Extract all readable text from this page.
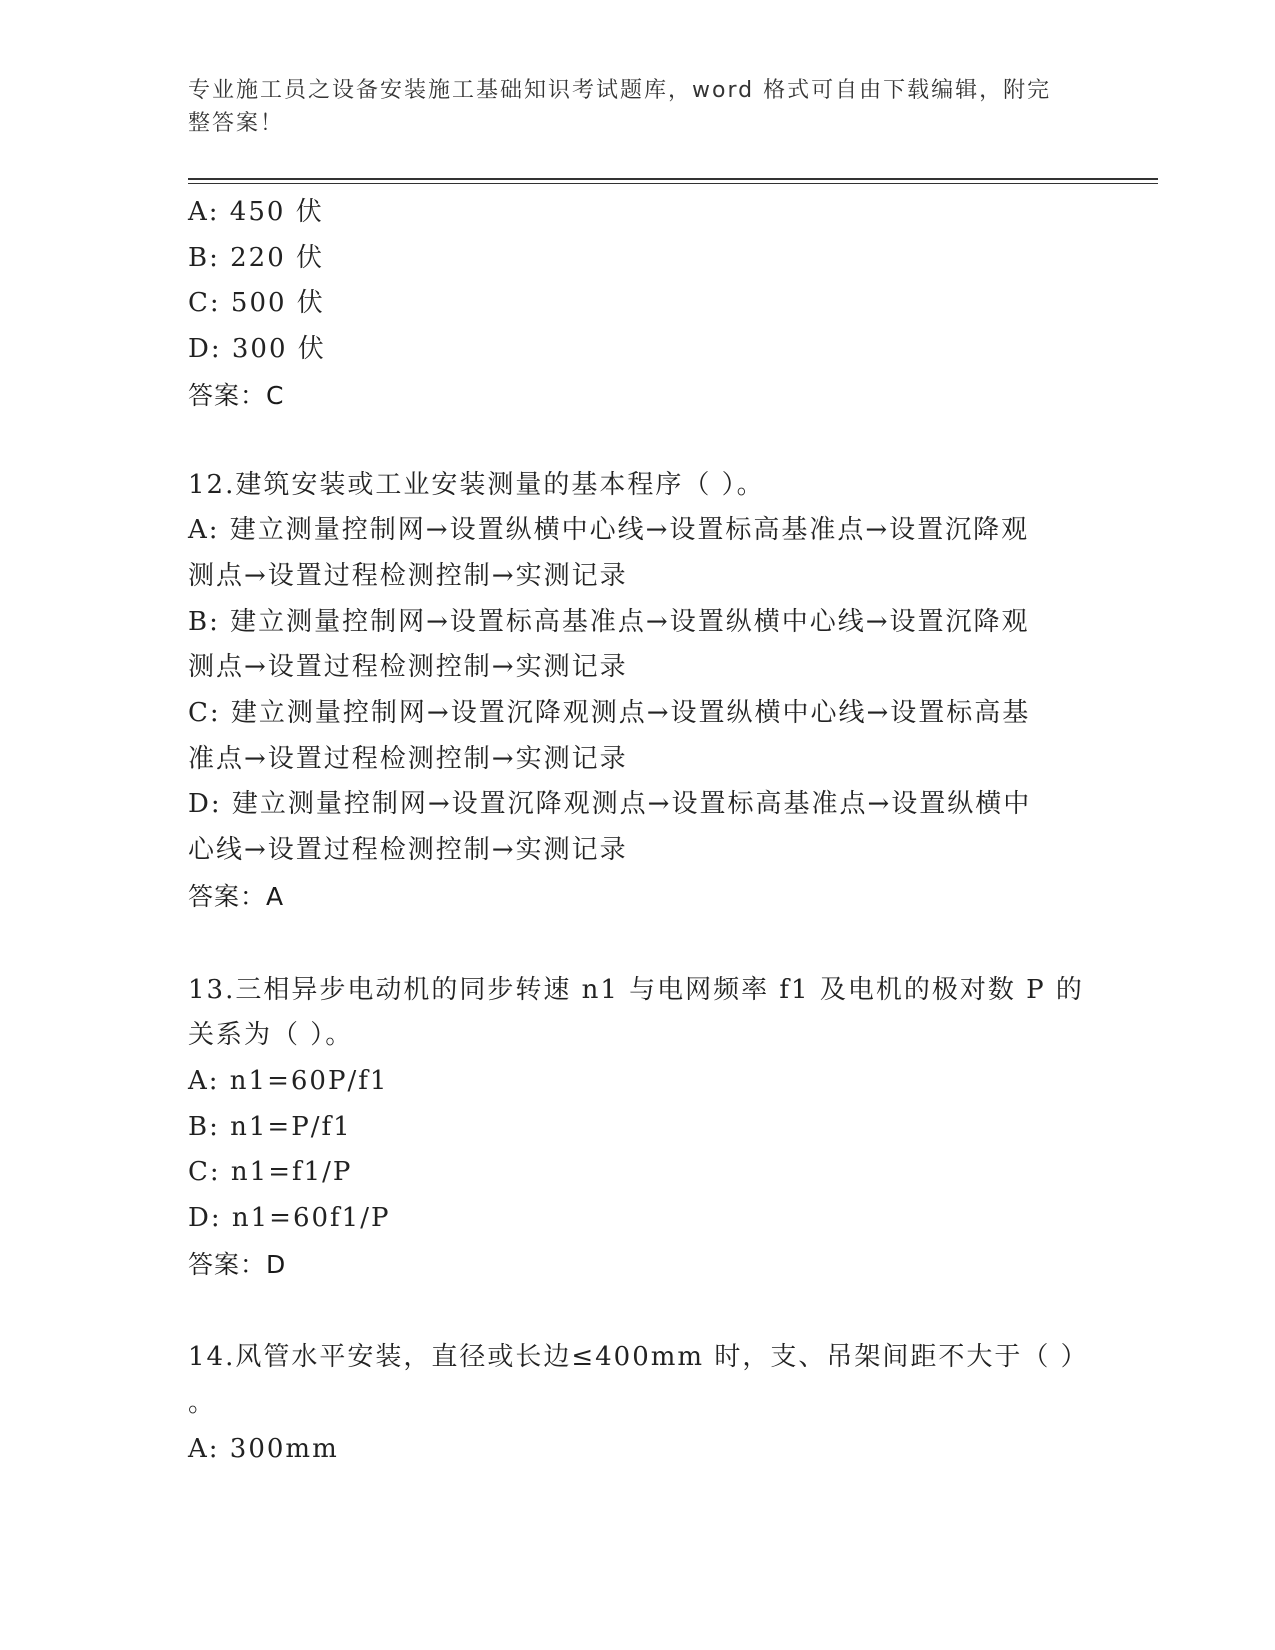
专业施工员之设备安装施工基础知识考试题库，word 格式可自由下载编辑，附完
整答案！
A: 450 伏
B: 220 伏
C: 500 伏
D: 300 伏
答案：C
12.建筑安装或工业安装测量的基本程序（ ）。
A: 建立测量控制网→设置纵横中心线→设置标高基准点→设置沉降观
测点→设置过程检测控制→实测记录
B: 建立测量控制网→设置标高基准点→设置纵横中心线→设置沉降观
测点→设置过程检测控制→实测记录
C: 建立测量控制网→设置沉降观测点→设置纵横中心线→设置标高基
准点→设置过程检测控制→实测记录
D: 建立测量控制网→设置沉降观测点→设置标高基准点→设置纵横中
心线→设置过程检测控制→实测记录
答案：A
13.三相异步电动机的同步转速 n1 与电网频率 f1 及电机的极对数 P 的
关系为（ ）。
A: n1=60P/f1
B: n1=P/f1
C: n1=f1/P
D: n1=60f1/P
答案：D
14.风管水平安装，直径或长边≤400mm 时，支、吊架间距不大于（ ）
。
A: 300mm
